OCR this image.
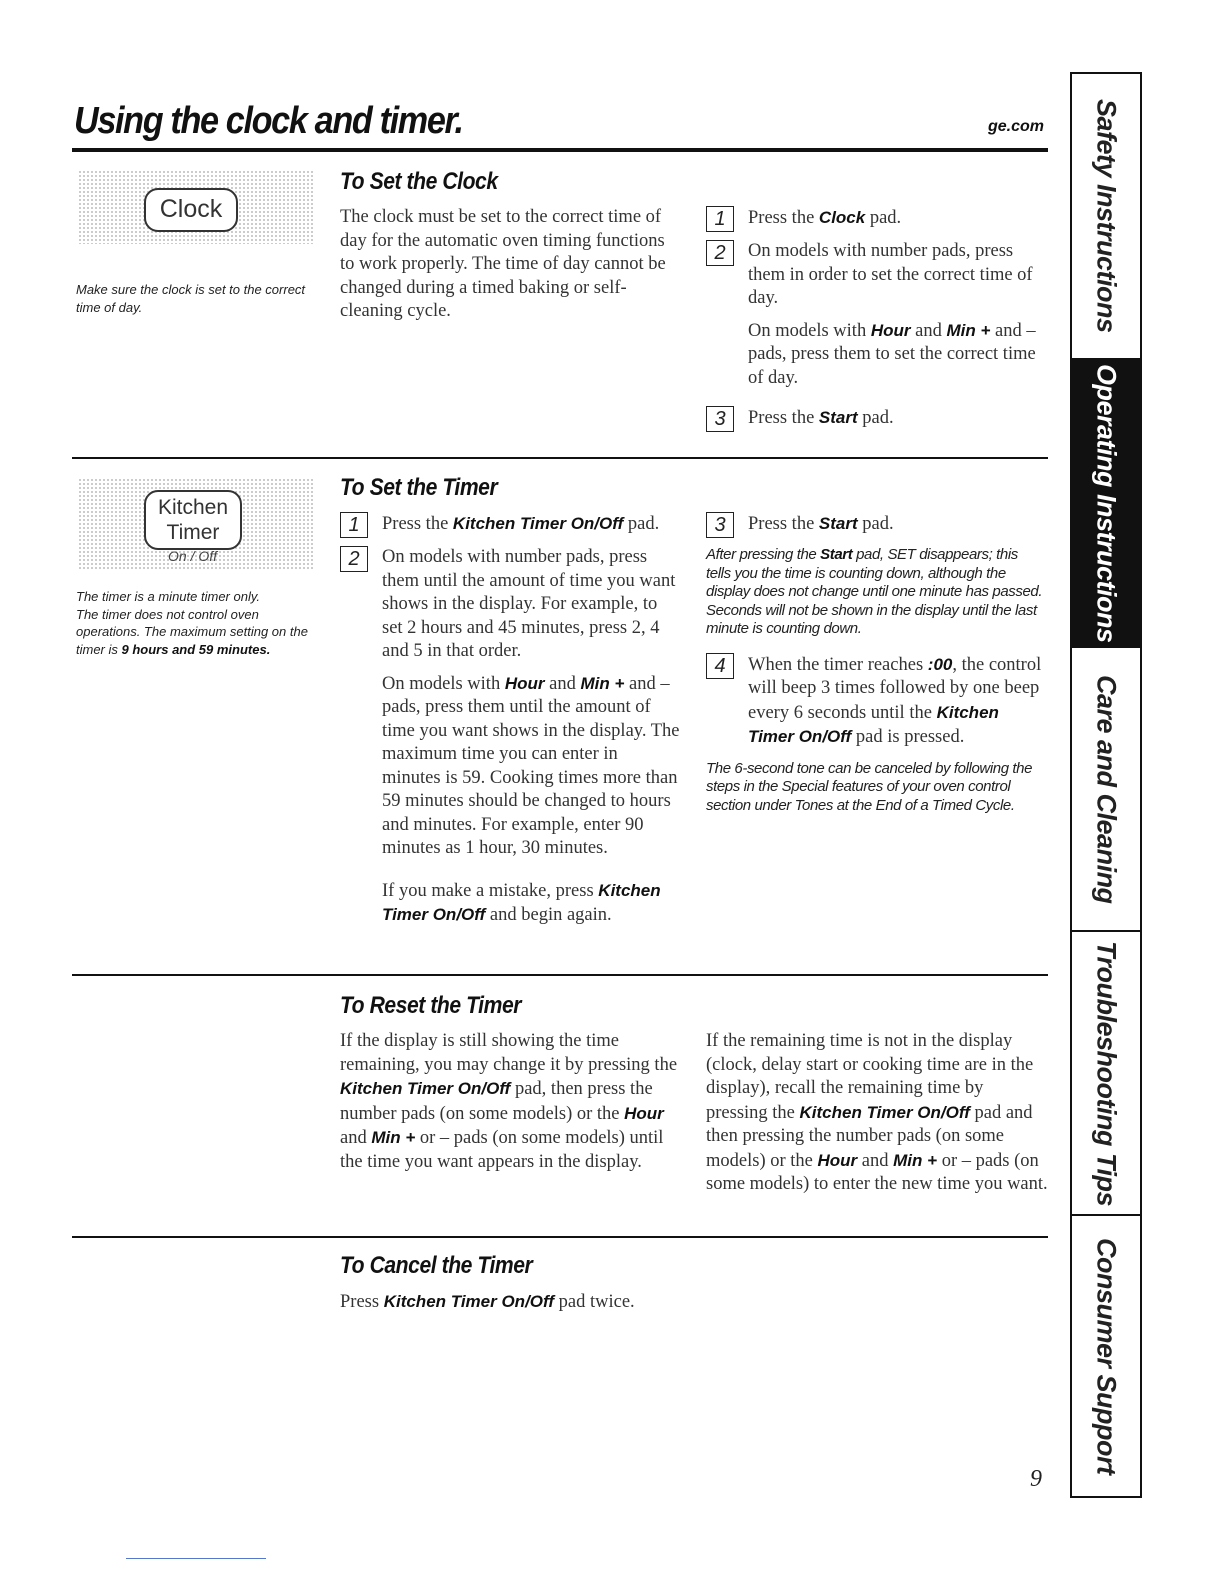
Using the clock and timer.	ge.com
Clock
Make sure the clock is set to the correct time of day.
To Set the Clock
The clock must be set to the correct time of day for the automatic oven timing functions to work properly. The time of day cannot be changed during a timed baking or self-cleaning cycle.
1	Press the Clock pad.
2	On models with number pads, press them in order to set the correct time of day.

On models with Hour and Min + and – pads, press them to set the correct time of day.

3	Press the Start pad.
Kitchen
Timer
On / Off
The timer is a minute timer only.
The timer does not control oven operations. The maximum setting on the timer is 9 hours and 59 minutes.
To Set the Timer
1	Press the Kitchen Timer On/Off pad.
2	On models with number pads, press them until the amount of time you want shows in the display. For example, to set 2 hours and 45 minutes, press 2, 4 and 5 in that order.

On models with Hour and Min + and – pads, press them until the amount of time you want shows in the display. The maximum time you can enter in minutes is 59. Cooking times more than 59 minutes should be changed to hours and minutes. For example, enter 90 minutes as 1 hour, 30 minutes.

If you make a mistake, press Kitchen Timer On/Off and begin again.
3	Press the Start pad.
After pressing the Start pad, SET disappears; this tells you the time is counting down, although the display does not change until one minute has passed. Seconds will not be shown in the display until the last minute is counting down.
4	When the timer reaches :00, the control will beep 3 times followed by one beep every 6 seconds until the Kitchen Timer On/Off pad is pressed.
The 6-second tone can be canceled by following the steps in the Special features of your oven control section under Tones at the End of a Timed Cycle.
To Reset the Timer
If the display is still showing the time remaining, you may change it by pressing the Kitchen Timer On/Off pad, then press the number pads (on some models) or the Hour and Min + or – pads (on some models) until the time you want appears in the display.
If the remaining time is not in the display (clock, delay start or cooking time are in the display), recall the remaining time by pressing the Kitchen Timer On/Off pad and then pressing the number pads (on some models) or the Hour and Min + or – pads (on some models) to enter the new time you want.
To Cancel the Timer
Press Kitchen Timer On/Off pad twice.
Safety Instructions
Operating Instructions
Care and Cleaning
Troubleshooting Tips
Consumer Support
9
